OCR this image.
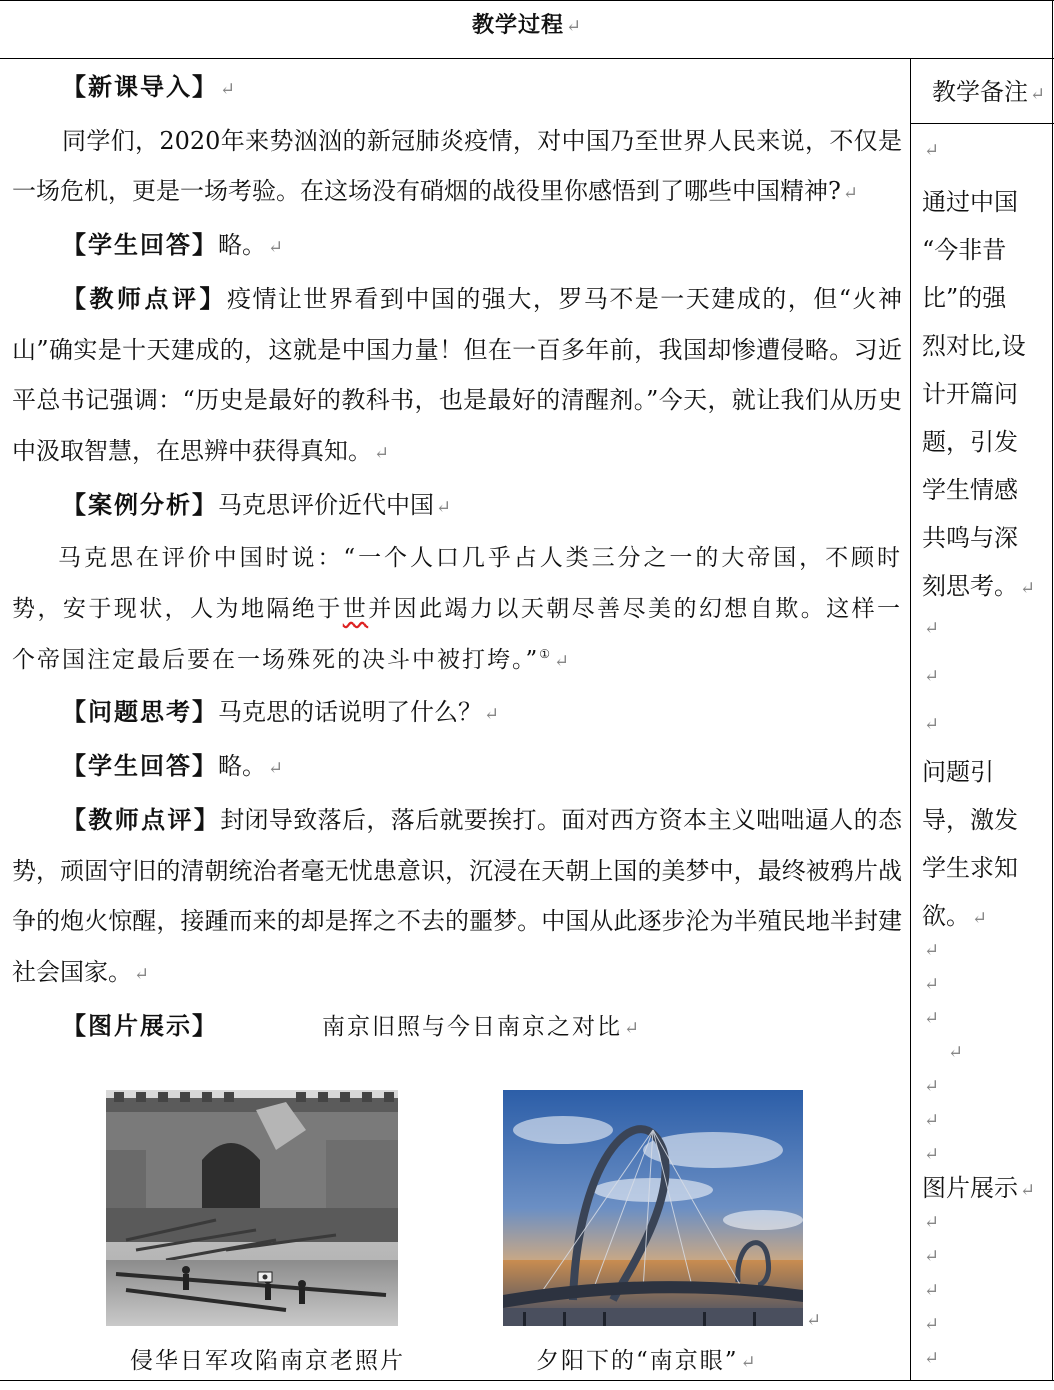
教学过程 ↵

【新课导入】 ↵

同学们，2020年来势汹汹的新冠肺炎疫情，对中国乃至世界人民来说，不仅是一场危机，更是一场考验。在这场没有硝烟的战役里你感悟到了哪些中国精神? ↵

【学生回答】略。 ↵

【教师点评】疫情让世界看到中国的强大，罗马不是一天建成的，但“火神山”确实是十天建成的，这就是中国力量！但在一百多年前，我国却惨遭侵略。习近平总书记强调：“历史是最好的教科书，也是最好的清醒剂。”今天，就让我们从历史中汲取智慧，在思辨中获得真知。 ↵

【案例分析】马克思评价近代中国 ↵

马克思在评价中国时说：“一个人口几乎占人类三分之一的大帝国，不顾时势，安于现状，人为地隔绝于世并因此竭力以天朝尽善尽美的幻想自欺。这样一个帝国注定最后要在一场殊死的决斗中被打垮。”① ↵

【问题思考】马克思的话说明了什么？ ↵

【学生回答】略。 ↵

【教师点评】封闭导致落后，落后就要挨打。面对西方资本主义咄咄逼人的态势，顽固守旧的清朝统治者毫无忧患意识，沉浸在天朝上国的美梦中，最终被鸦片战争的炮火惊醒，接踵而来的却是挥之不去的噩梦。中国从此逐步沦为半殖民地半封建社会国家。 ↵

【图片展示】	南京旧照与今日南京之对比 ↵

↵
侵华日军攻陷南京老照片	夕阳下的“南京眼” ↵
教学备注 ↵
↵
通过中国
“今非昔
比”的强
烈对比,设
计开篇问
题，引发
学生情感
共鸣与深
刻思考。 ↵
↵
↵
↵
问题引
导，激发
学生求知
欲。 ↵
↵
↵
↵
↵
↵
↵
↵
图片展示 ↵
↵
↵
↵
↵
↵
